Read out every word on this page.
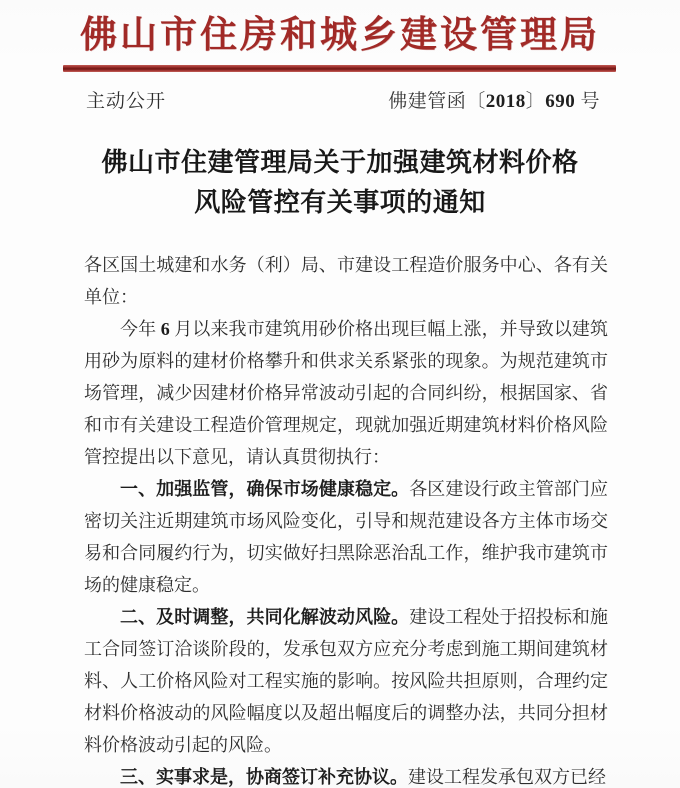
佛山市住房和城乡建设管理局
主动公开	佛建管函〔2018〕690 号
佛山市住建管理局关于加强建筑材料价格
风险管控有关事项的通知

各区国土城建和水务（利）局、市建设工程造价服务中心、各有关单位：

今年 6 月以来我市建筑用砂价格出现巨幅上涨，并导致以建筑用砂为原料的建材价格攀升和供求关系紧张的现象。为规范建筑市场管理，减少因建材价格异常波动引起的合同纠纷，根据国家、省和市有关建设工程造价管理规定，现就加强近期建筑材料价格风险管控提出以下意见，请认真贯彻执行：

一、加强监管，确保市场健康稳定。各区建设行政主管部门应密切关注近期建筑市场风险变化，引导和规范建设各方主体市场交易和合同履约行为，切实做好扫黑除恶治乱工作，维护我市建筑市场的健康稳定。

二、及时调整，共同化解波动风险。建设工程处于招投标和施工合同签订洽谈阶段的，发承包双方应充分考虑到施工期间建筑材料、人工价格风险对工程实施的影响。按风险共担原则，合理约定材料价格波动的风险幅度以及超出幅度后的调整办法，共同分担材料价格波动引起的风险。

三、实事求是，协商签订补充协议。建设工程发承包双方已经
